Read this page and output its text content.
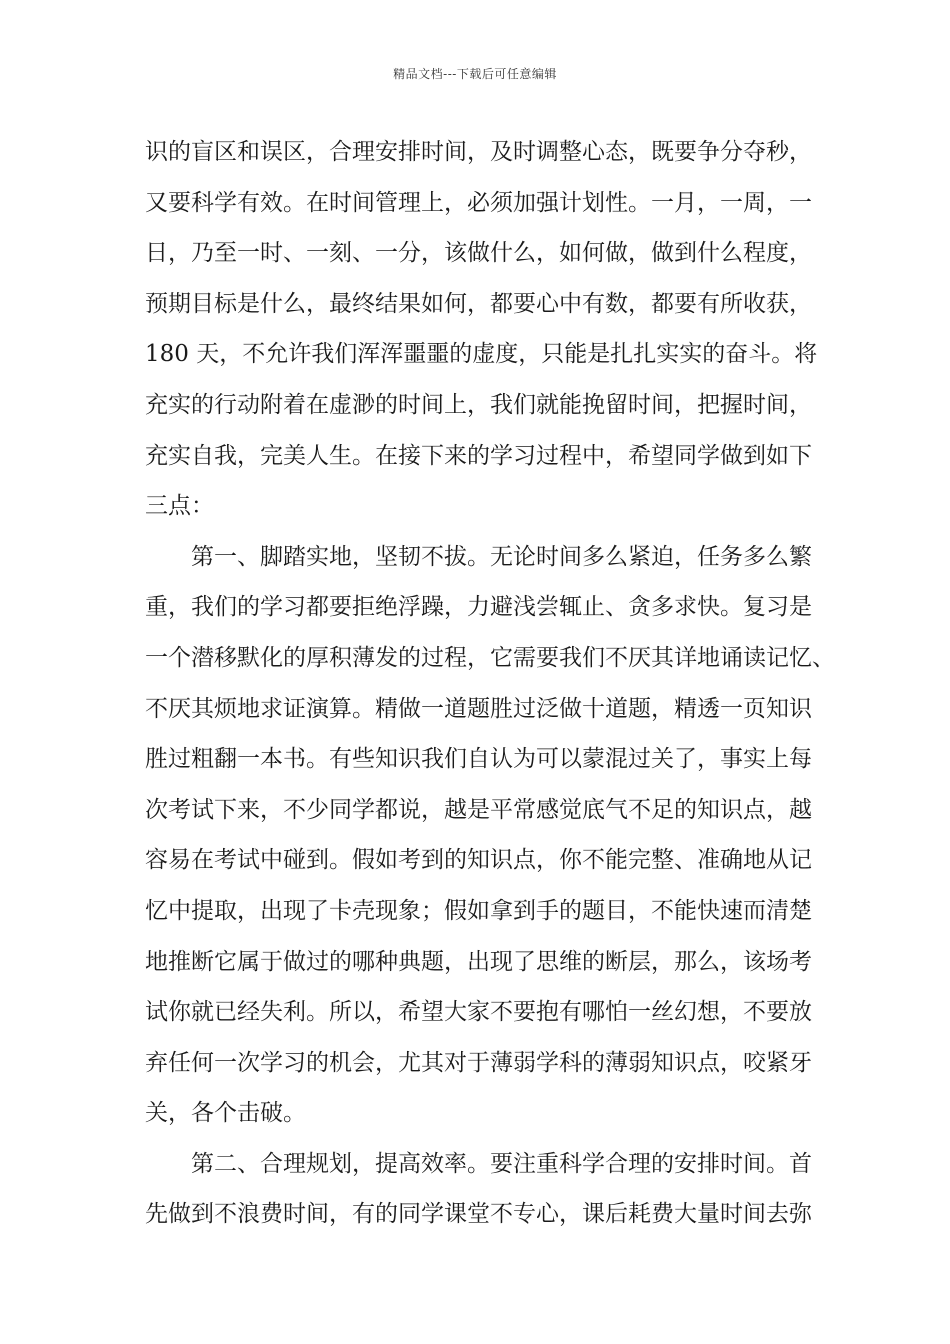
精品文档---下载后可任意编辑
识的盲区和误区，合理安排时间，及时调整心态，既要争分夺秒，
又要科学有效。在时间管理上，必须加强计划性。一月，一周，一
日，乃至一时、一刻、一分，该做什么，如何做，做到什么程度，
预期目标是什么，最终结果如何，都要心中有数，都要有所收获，
180 天，不允许我们浑浑噩噩的虚度，只能是扎扎实实的奋斗。将
充实的行动附着在虚渺的时间上，我们就能挽留时间，把握时间，
充实自我，完美人生。在接下来的学习过程中，希望同学做到如下
三点：
第一、脚踏实地，坚韧不拔。无论时间多么紧迫，任务多么繁
重，我们的学习都要拒绝浮躁，力避浅尝辄止、贪多求快。复习是
一个潜移默化的厚积薄发的过程，它需要我们不厌其详地诵读记忆、
不厌其烦地求证演算。精做一道题胜过泛做十道题，精透一页知识
胜过粗翻一本书。有些知识我们自认为可以蒙混过关了，事实上每
次考试下来，不少同学都说，越是平常感觉底气不足的知识点，越
容易在考试中碰到。假如考到的知识点，你不能完整、准确地从记
忆中提取，出现了卡壳现象；假如拿到手的题目，不能快速而清楚
地推断它属于做过的哪种典题，出现了思维的断层，那么，该场考
试你就已经失利。所以，希望大家不要抱有哪怕一丝幻想，不要放
弃任何一次学习的机会，尤其对于薄弱学科的薄弱知识点，咬紧牙
关，各个击破。
第二、合理规划，提高效率。要注重科学合理的安排时间。首
先做到不浪费时间，有的同学课堂不专心，课后耗费大量时间去弥
